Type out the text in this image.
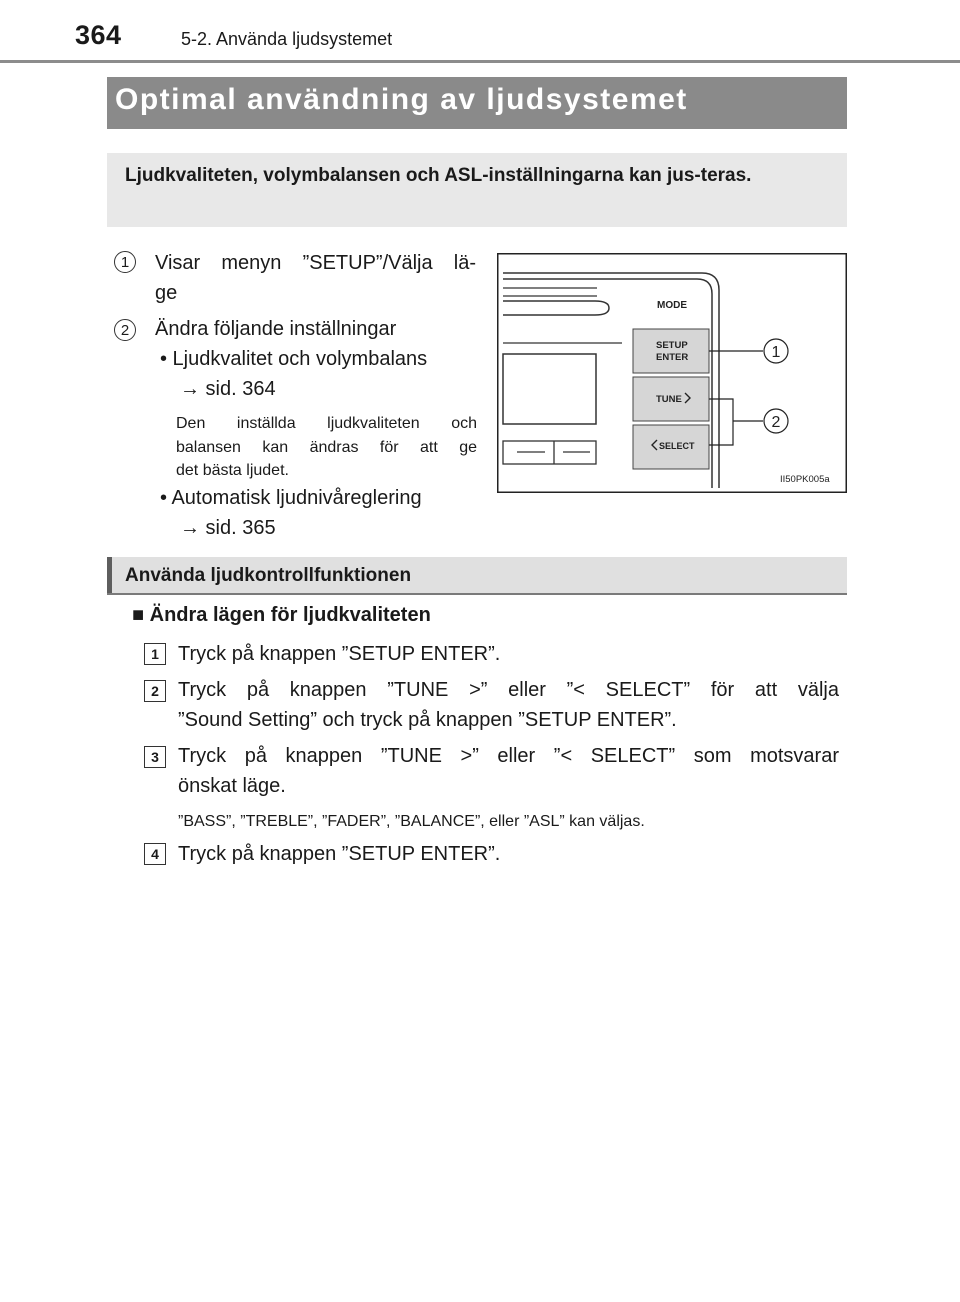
364	5-2. Använda ljudsystemet
Optimal användning av ljudsystemet
Ljudkvaliteten, volymbalansen och ASL-inställningarna kan jus-teras.
1	Visar menyn ”SETUP”/Välja lä-
ge
2	Ändra följande inställningar
• Ljudkvalitet och volymbalans
→ sid. 364
Den inställda ljudkvaliteten och
balansen kan ändras för att ge
det bästa ljudet.
• Automatisk ljudnivåreglering
→ sid. 365
MODE
SETUP
ENTER
TUNE
SELECT
1
2
II50PK005a
Använda ljudkontrollfunktionen
■ Ändra lägen för ljudkvaliteten
1 Tryck på knappen ”SETUP ENTER”.
2 Tryck på knappen ”TUNE >” eller ”< SELECT” för att välja
”Sound Setting” och tryck på knappen ”SETUP ENTER”.
3 Tryck på knappen ”TUNE >” eller ”< SELECT” som motsvarar
önskat läge.
”BASS”, ”TREBLE”, ”FADER”, ”BALANCE”, eller ”ASL” kan väljas.
4 Tryck på knappen ”SETUP ENTER”.
